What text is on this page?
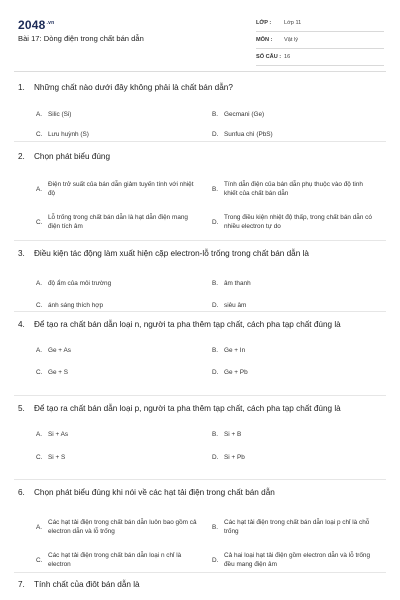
$2048^{.vn}$
Bài 17: Dòng điện trong chất bán dẫn
LỚP :	Lớp 11
MÔN :	Vật lý
SỐ CÂU : 16
1.	Những chất nào dưới đây không phải là chất bán dẫn?
A. Silic (Si)	B. Gecmani (Ge)
C. Lưu huỳnh (S)	D. Sunfua chì (PbS)
2.	Chọn phát biểu đúng
A.
Điện trở suất của bán dẫn giảm tuyến tính với nhiệt độ
B.
Tính dẫn điện của bán dẫn phụ thuộc vào độ tinh khiết của chất bán dẫn
C.
Lỗ trống trong chất bán dẫn là hạt dẫn điện mang điện tích âm
D.
Trong điều kiện nhiệt độ thấp, trong chất bán dẫn có nhiều electron tự do
3.	Điều kiện tác động làm xuất hiện cặp electron-lỗ trống trong chất bán dẫn là
A. độ ẩm của môi trường	B. âm thanh
C. ánh sáng thích hợp	D. siêu âm
4.	Để tạo ra chất bán dẫn loại n, người ta pha thêm tạp chất, cách pha tạp chất đúng là
A. Ge + As	B. Ge + In
C. Ge + S	D. Ge + Pb
5.	Để tạo ra chất bán dẫn loại p, người ta pha thêm tạp chất, cách pha tạp chất đúng là
A. Si + As	B. Si + B
C. Si + S	D. Si + Pb
6.	Chọn phát biểu đúng khi nói về các hạt tải điện trong chất bán dẫn
A.
Các hạt tải điện trong chất bán dẫn luôn bao gồm cả electron dẫn và lỗ trống
B.
Các hạt tải điện trong chất bán dẫn loại p chỉ là chỗ trống
C.
Các hạt tải điện trong chất bán dẫn loại n chỉ là electron
D.
Cả hai loại hạt tải điện gồm electron dẫn và lỗ trống đều mang điện âm
7.	Tính chất của điôt bán dẫn là
